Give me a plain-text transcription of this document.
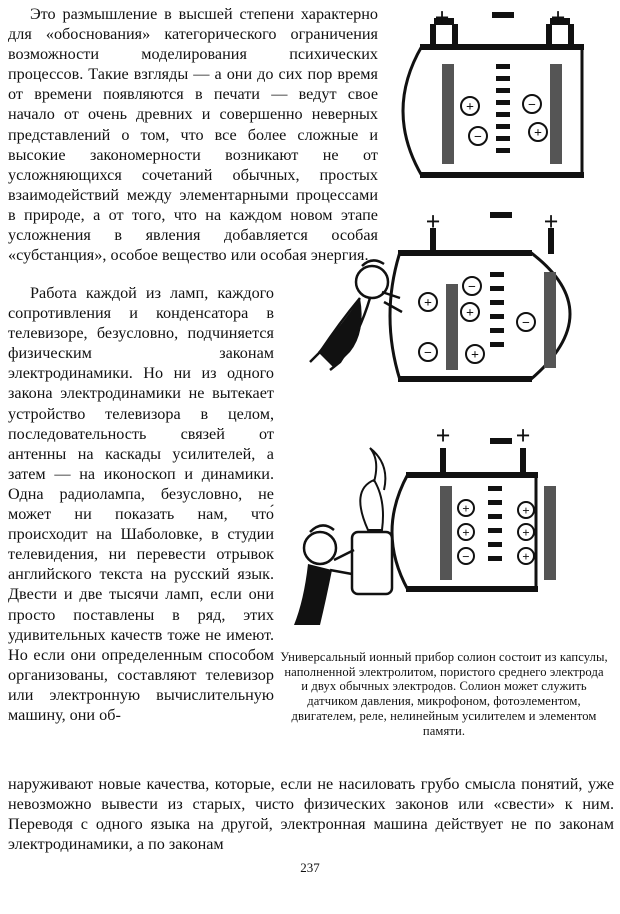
Это размышление в высшей степени характерно для «обоснования» категорического ограничения возможности моделирования психических процессов. Такие взгляды — а они до сих пор время от времени появляются в печати — ведут свое начало от очень древних и совершенно неверных представлений о том, что все более сложные и высокие закономерности возникают не от усложняющихся сочетаний обычных, простых взаимодействий между элементарными процессами в природе, а от того, что на каждом новом этапе усложнения в явления добавляется особая «субстанция», особое вещество или особая энергия.

Работа каждой из ламп, каждого сопротивления и конденсатора в телевизоре, безусловно, подчиняется физическим законам электродинамики. Но ни из одного закона электродинамики не вытекает устройство телевизора в целом, последовательность связей от антенны на каскады усилителей, а затем — на иконоскоп и динамики. Одна радиолампа, безусловно, не может ни показать нам, что́ происходит на Шаболовке, в студии телевидения, ни перевести отрывок английского текста на русский язык. Двести и две тысячи ламп, если они просто поставлены в ряд, этих удивительных качеств тоже не имеют. Но если они определенным способом организованы, составляют телевизор или электронную вычислительную машину, они об-

наруживают новые качества, которые, если не насиловать грубо смысла понятий, уже невозможно вывести из старых, чисто физических законов или «свести» к ним. Переводя с одного языка на другой, электронная машина действует не по законам электродинамики, а по законам

Универсальный ионный прибор солион состоит из капсулы, наполненной электролитом, пористого среднего электрода и двух обычных электродов. Солион может служить датчиком давления, микрофоном, фотоэлементом, двигателем, реле, нелинейным усилителем и элементом памяти.

237
+	+
+	−
−	+
+	+
+
+
−
−	+
−
+	+
+	+
+	+
−	+
